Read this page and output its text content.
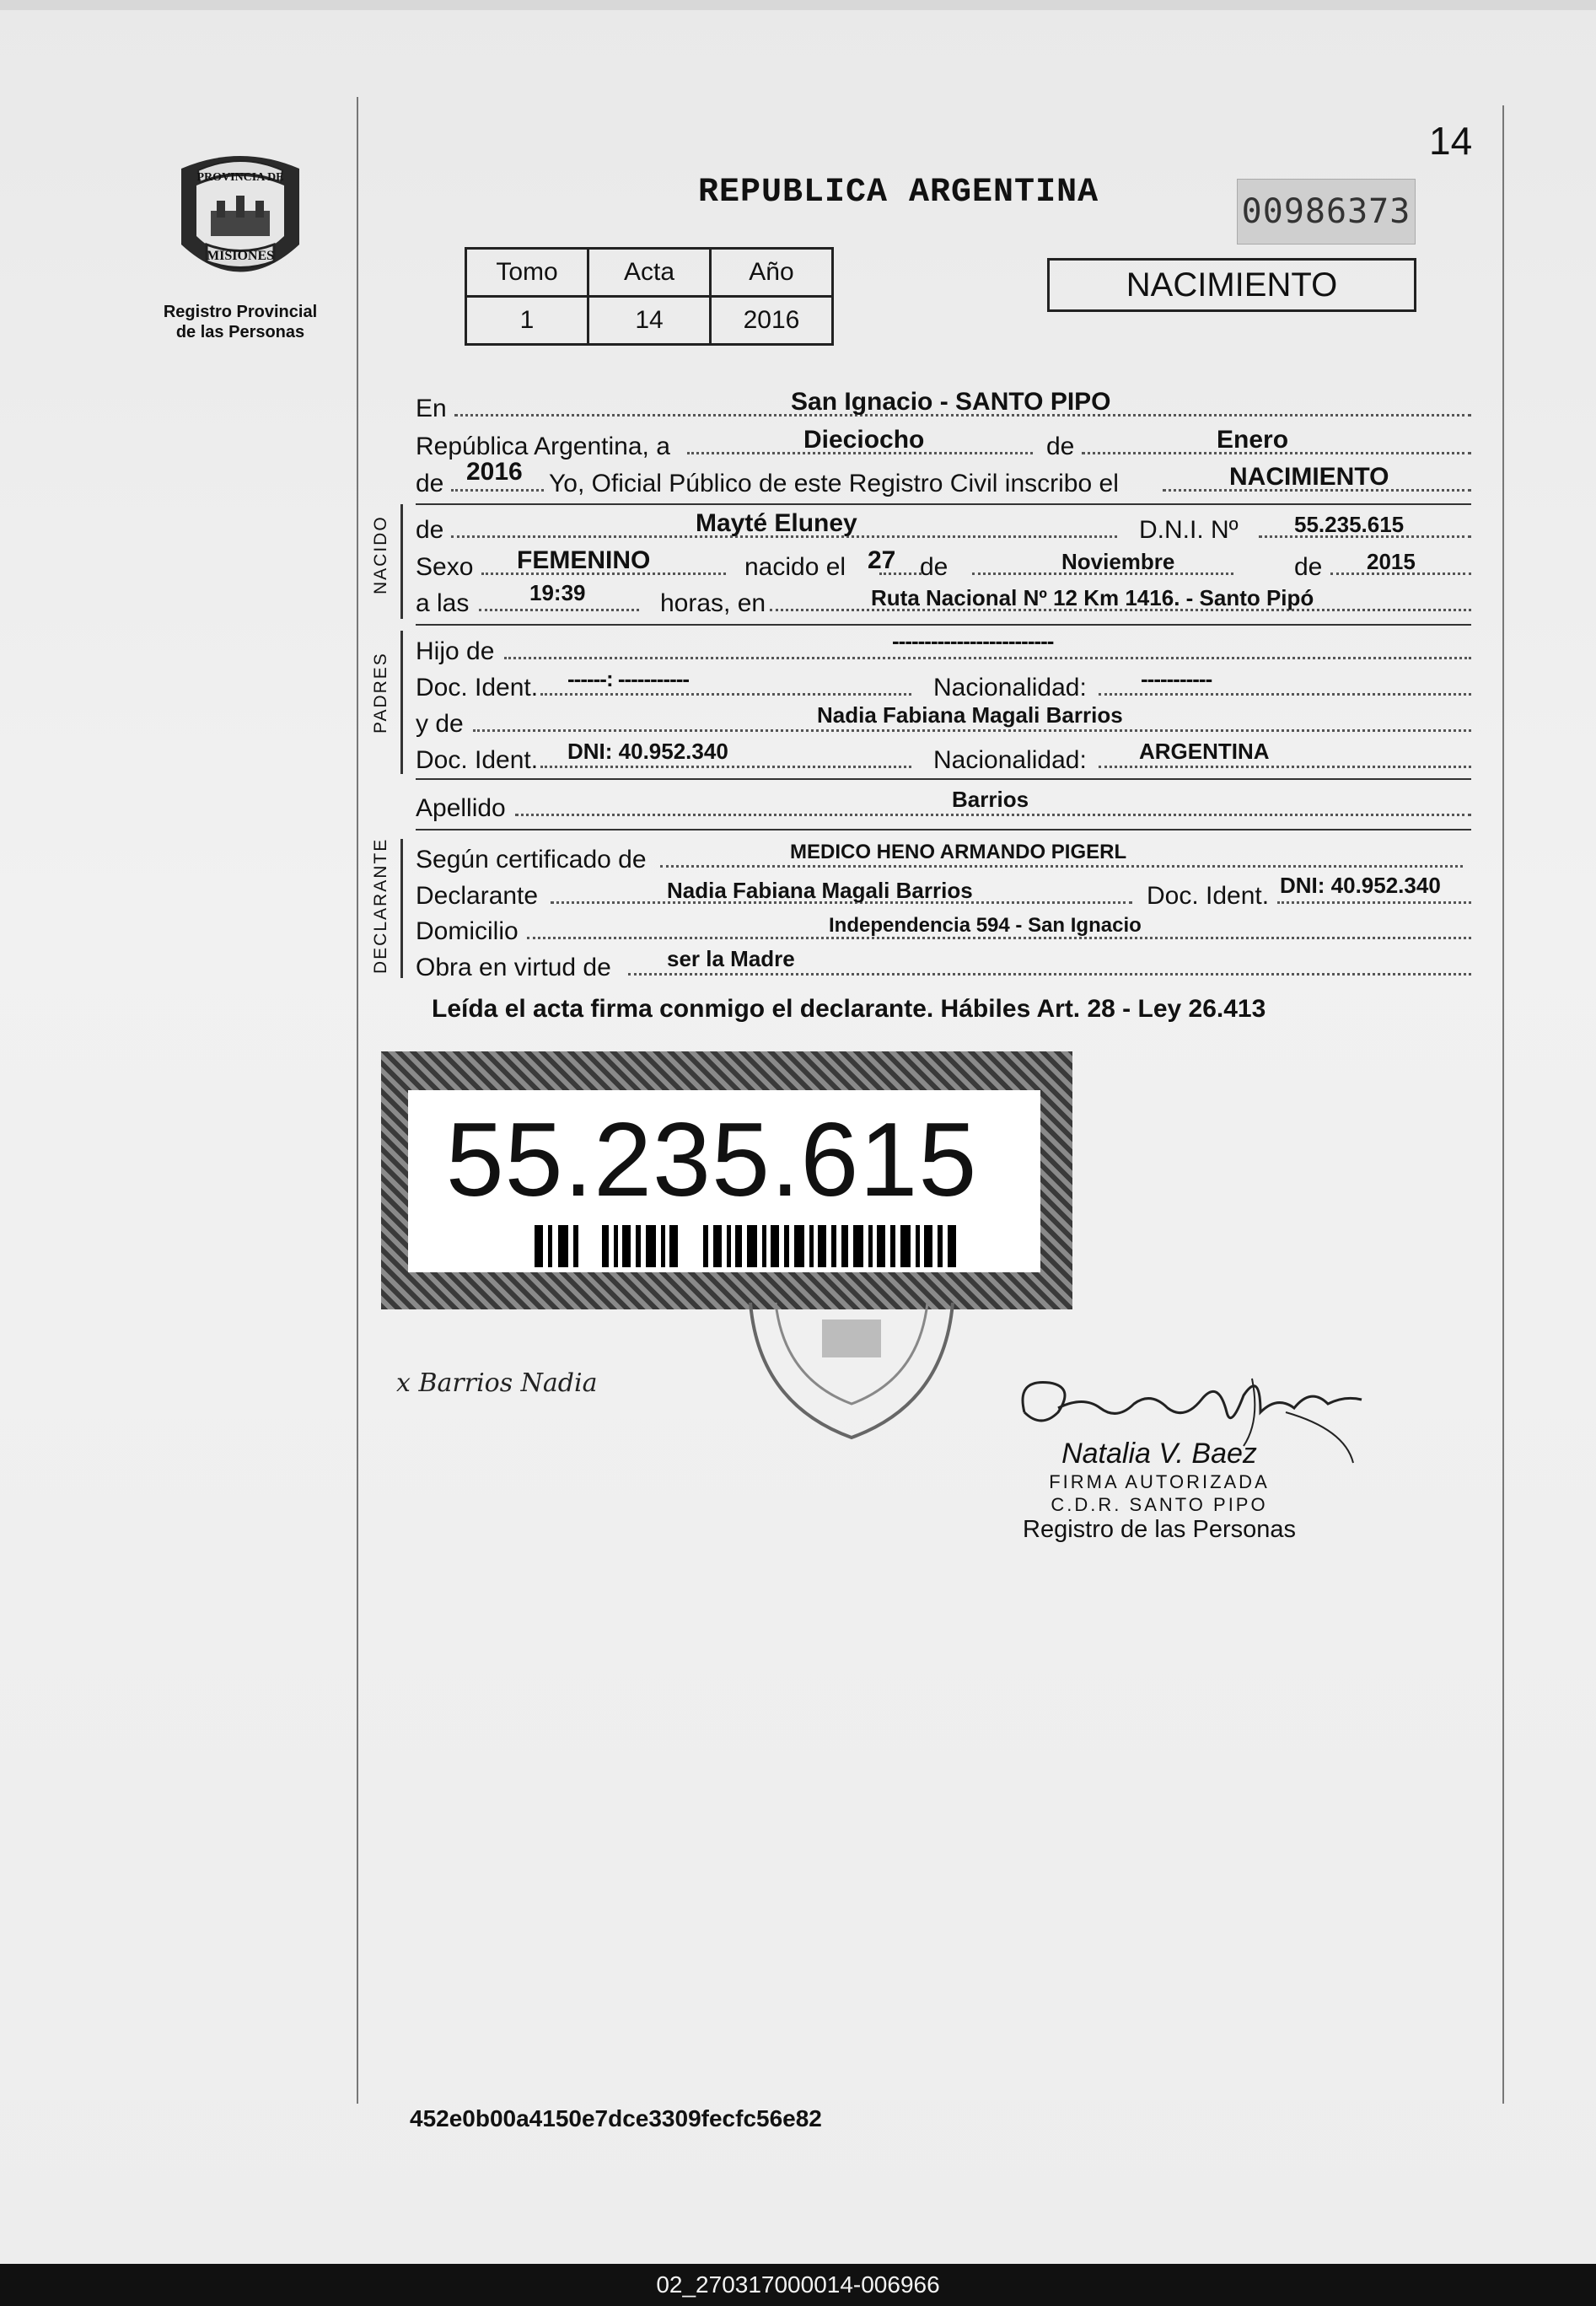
Registro Provincial
de las Personas
PROVINCIA DE
MISIONES
14
REPUBLICA ARGENTINA	00986373
Tomo	Acta	Año
1	14	2016
NACIMIENTO
En	San Ignacio - SANTO PIPO
República Argentina, a	Dieciocho	de	Enero
de 2016 Yo, Oficial Público de este Registro Civil inscribo el	NACIMIENTO
NACIDO de	Mayté Eluney	D.N.I. Nº	55.235.615
Sexo FEMENINO	nacido el 27 de	Noviembre	de 2015
a las	19:39	horas, en	Ruta Nacional Nº 12 Km 1416. - Santo Pipó
PADRES
Hijo de	-------------------------
Doc. Ident. ------: -----------	Nacionalidad: -----------
y de	Nadia Fabiana Magali Barrios
Doc. Ident. DNI: 40.952.340	Nacionalidad: ARGENTINA
Apellido	Barrios
DECLARANTE Según certificado de	MEDICO HENO ARMANDO PIGERL
Declarante	Nadia Fabiana Magali Barrios	Doc. Ident. DNI: 40.952.340
Domicilio	Independencia 594 - San Ignacio
Obra en virtud de	ser la Madre
Leída el acta firma conmigo el declarante. Hábiles Art. 28 - Ley 26.413
55.235.615
x Barrios Nadia
Natalia V. Baez
FIRMA AUTORIZADA
C.D.R. SANTO PIPO
Registro de las Personas
452e0b00a4150e7dce3309fecfc56e82
02_270317000014-006966
